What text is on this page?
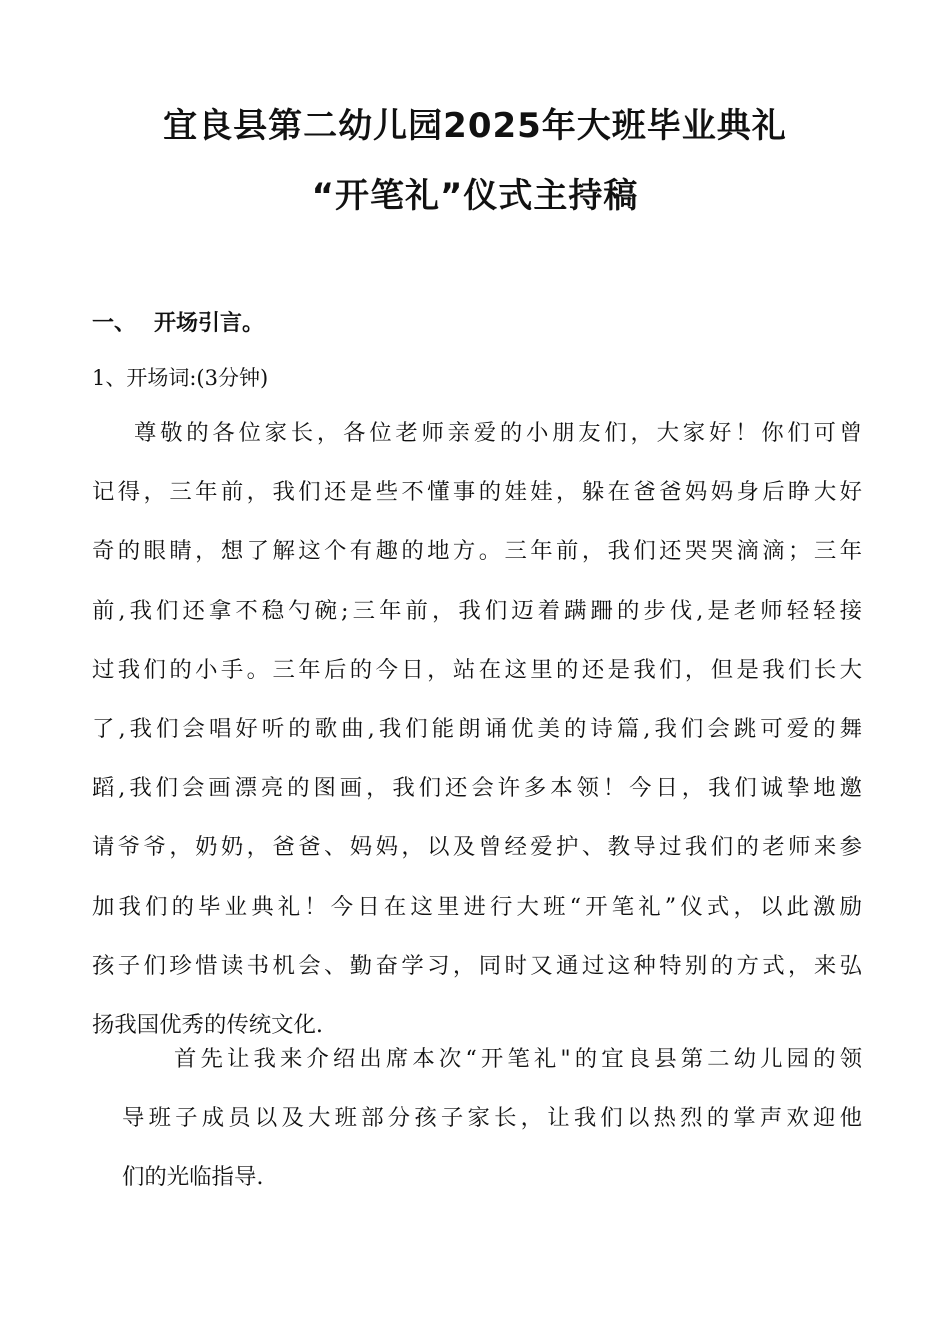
宜良县第二幼儿园2025年大班毕业典礼
“开笔礼”仪式主持稿
一、 开场引言。

1、开场词:(3分钟)

尊敬的各位家长，各位老师亲爱的小朋友们，大家好！你们可曾
记得，三年前，我们还是些不懂事的娃娃，躲在爸爸妈妈身后睁大好
奇的眼睛，想了解这个有趣的地方。三年前，我们还哭哭滴滴；三年
前,我们还拿不稳勺碗;三年前，我们迈着蹒跚的步伐,是老师轻轻接
过我们的小手。三年后的今日，站在这里的还是我们，但是我们长大
了,我们会唱好听的歌曲,我们能朗诵优美的诗篇,我们会跳可爱的舞
蹈,我们会画漂亮的图画，我们还会许多本领！今日，我们诚挚地邀
请爷爷，奶奶，爸爸、妈妈，以及曾经爱护、教导过我们的老师来参
加我们的毕业典礼！今日在这里进行大班“开笔礼”仪式，以此激励
孩子们珍惜读书机会、勤奋学习，同时又通过这种特别的方式，来弘
扬我国优秀的传统文化.
首先让我来介绍出席本次“开笔礼"的宜良县第二幼儿园的领
导班子成员以及大班部分孩子家长，让我们以热烈的掌声欢迎他
们的光临指导.
